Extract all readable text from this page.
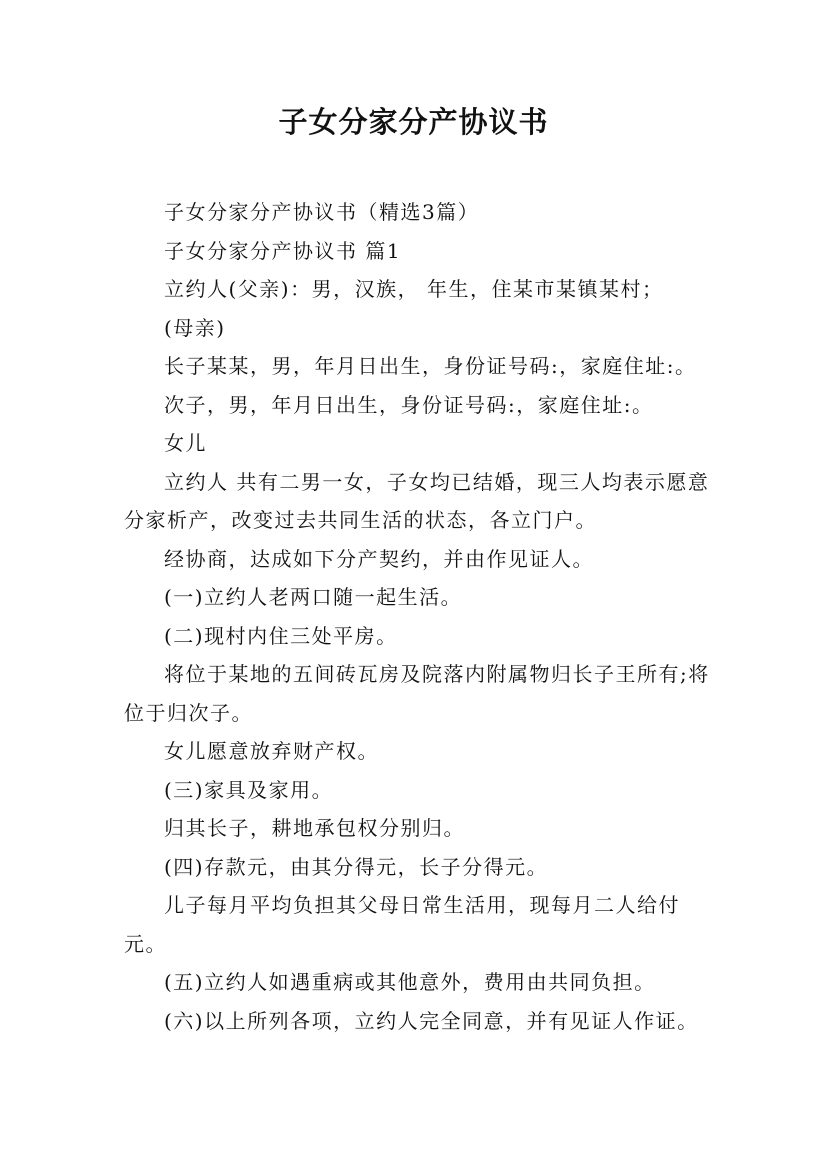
子女分家分产协议书

子女分家分产协议书（精选3篇）

子女分家分产协议书 篇1

立约人(父亲)：男，汉族， 年生，住某市某镇某村；

(母亲)

长子某某，男，年月日出生，身份证号码:，家庭住址:。

次子，男，年月日出生，身份证号码:，家庭住址:。

女儿

立约人 共有二男一女，子女均已结婚，现三人均表示愿意分家析产，改变过去共同生活的状态，各立门户。

经协商，达成如下分产契约，并由作见证人。

(一)立约人老两口随一起生活。

(二)现村内住三处平房。

将位于某地的五间砖瓦房及院落内附属物归长子王所有;将位于归次子。

女儿愿意放弃财产权。

(三)家具及家用。

归其长子，耕地承包权分别归。

(四)存款元，由其分得元，长子分得元。

儿子每月平均负担其父母日常生活用，现每月二人给付元。

(五)立约人如遇重病或其他意外，费用由共同负担。

(六)以上所列各项，立约人完全同意，并有见证人作证。
